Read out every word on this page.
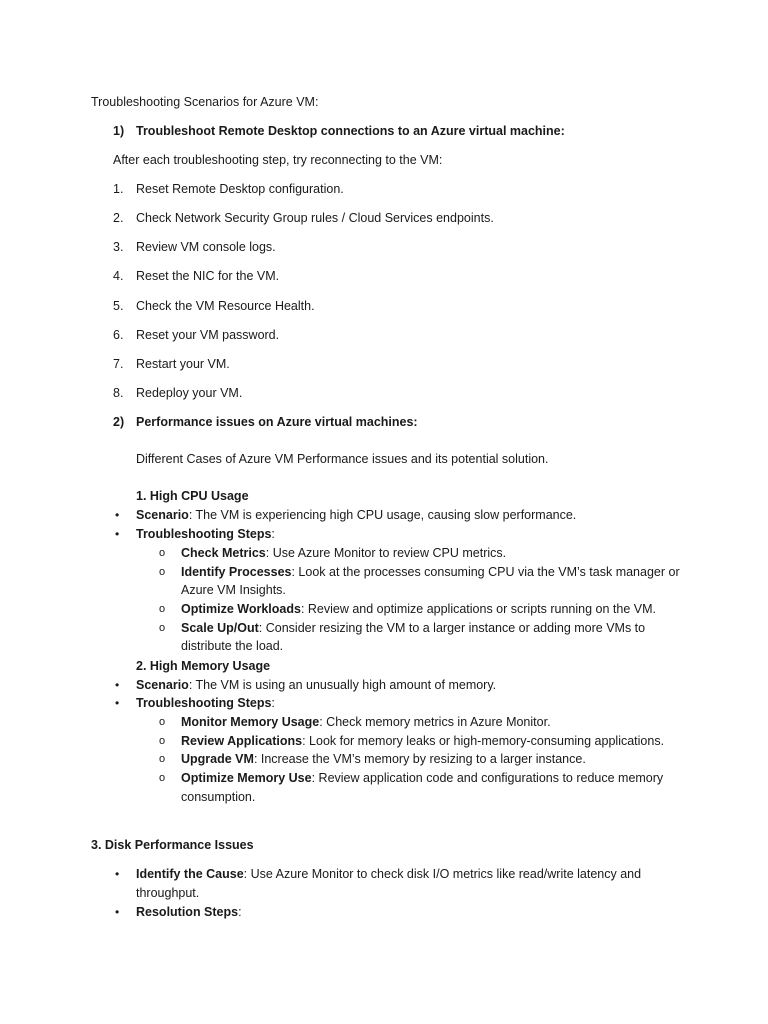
Troubleshooting Scenarios for Azure VM:
1) Troubleshoot Remote Desktop connections to an Azure virtual machine:
After each troubleshooting step, try reconnecting to the VM:
1. Reset Remote Desktop configuration.
2. Check Network Security Group rules / Cloud Services endpoints.
3. Review VM console logs.
4. Reset the NIC for the VM.
5. Check the VM Resource Health.
6. Reset your VM password.
7. Restart your VM.
8. Redeploy your VM.
2) Performance issues on Azure virtual machines:
Different Cases of Azure VM Performance issues and its potential solution.
1. High CPU Usage
• Scenario: The VM is experiencing high CPU usage, causing slow performance.
• Troubleshooting Steps:
o Check Metrics: Use Azure Monitor to review CPU metrics.
o Identify Processes: Look at the processes consuming CPU via the VM’s task manager or
Azure VM Insights.
o Optimize Workloads: Review and optimize applications or scripts running on the VM.
o Scale Up/Out: Consider resizing the VM to a larger instance or adding more VMs to
distribute the load.
2. High Memory Usage
• Scenario: The VM is using an unusually high amount of memory.
• Troubleshooting Steps:
o Monitor Memory Usage: Check memory metrics in Azure Monitor.
o Review Applications: Look for memory leaks or high-memory-consuming applications.
o Upgrade VM: Increase the VM’s memory by resizing to a larger instance.
o Optimize Memory Use: Review application code and configurations to reduce memory
consumption.
3. Disk Performance Issues
• Identify the Cause: Use Azure Monitor to check disk I/O metrics like read/write latency and
throughput.
• Resolution Steps:
